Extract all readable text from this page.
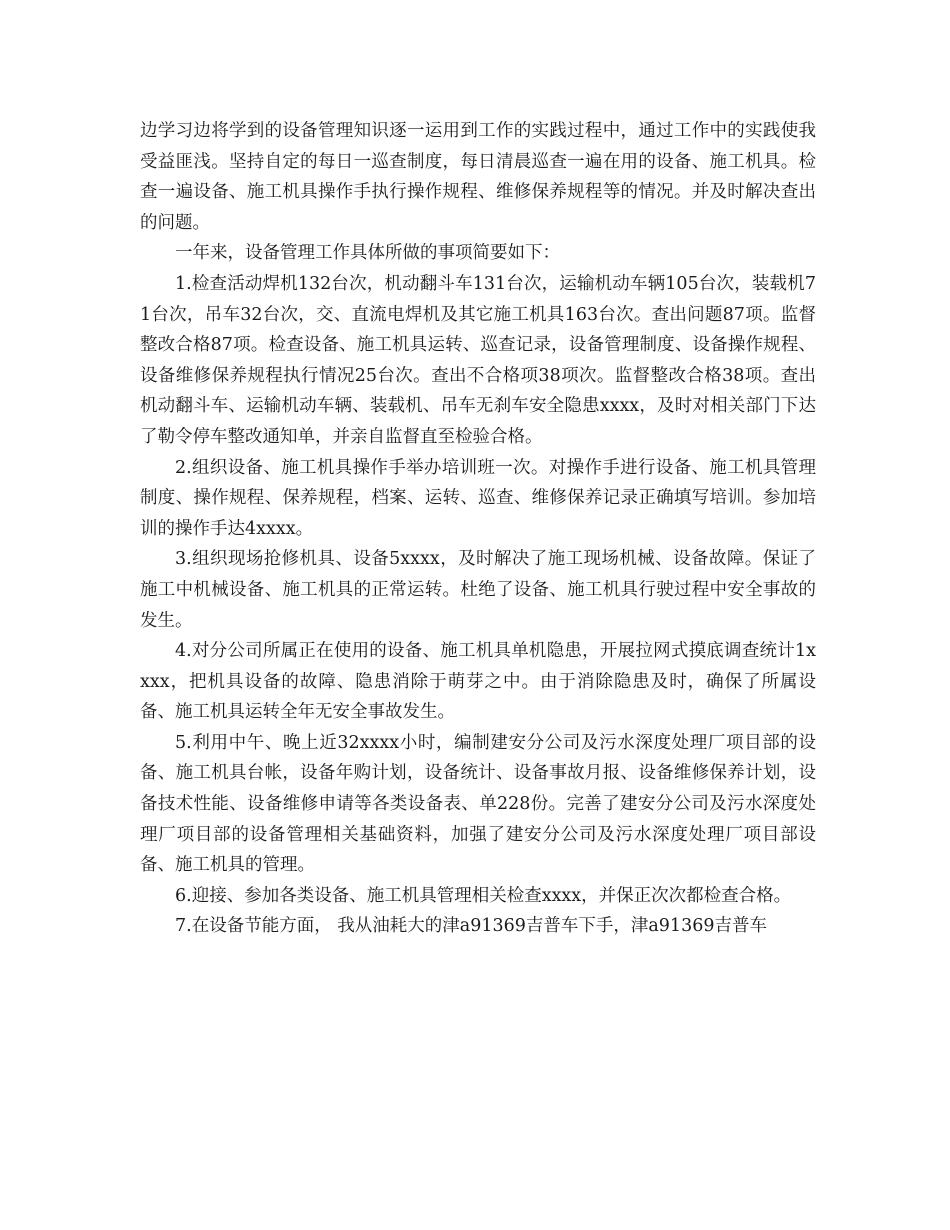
边学习边将学到的设备管理知识逐一运用到工作的实践过程中，通过工作中的实践使我受益匪浅。坚持自定的每日一巡查制度，每日清晨巡查一遍在用的设备、施工机具。检查一遍设备、施工机具操作手执行操作规程、维修保养规程等的情况。并及时解决查出的问题。

一年来，设备管理工作具体所做的事项简要如下：

1.检查活动焊机132台次，机动翻斗车131台次，运输机动车辆105台次，装载机71台次，吊车32台次，交、直流电焊机及其它施工机具163台次。查出问题87项。监督整改合格87项。检查设备、施工机具运转、巡查记录，设备管理制度、设备操作规程、设备维修保养规程执行情况25台次。查出不合格项38项次。监督整改合格38项。查出机动翻斗车、运输机动车辆、装载机、吊车无刹车安全隐患xxxx，及时对相关部门下达了勒令停车整改通知单，并亲自监督直至检验合格。

2.组织设备、施工机具操作手举办培训班一次。对操作手进行设备、施工机具管理制度、操作规程、保养规程，档案、运转、巡查、维修保养记录正确填写培训。参加培训的操作手达4xxxx。

3.组织现场抢修机具、设备5xxxx，及时解决了施工现场机械、设备故障。保证了施工中机械设备、施工机具的正常运转。杜绝了设备、施工机具行驶过程中安全事故的发生。

4.对分公司所属正在使用的设备、施工机具单机隐患，开展拉网式摸底调查统计1xxxx，把机具设备的故障、隐患消除于萌芽之中。由于消除隐患及时，确保了所属设备、施工机具运转全年无安全事故发生。

5.利用中午、晚上近32xxxx小时，编制建安分公司及污水深度处理厂项目部的设备、施工机具台帐，设备年购计划，设备统计、设备事故月报、设备维修保养计划，设备技术性能、设备维修申请等各类设备表、单228份。完善了建安分公司及污水深度处理厂项目部的设备管理相关基础资料，加强了建安分公司及污水深度处理厂项目部设备、施工机具的管理。

6.迎接、参加各类设备、施工机具管理相关检查xxxx，并保正次次都检查合格。

7.在设备节能方面， 我从油耗大的津a91369吉普车下手，津a91369吉普车
